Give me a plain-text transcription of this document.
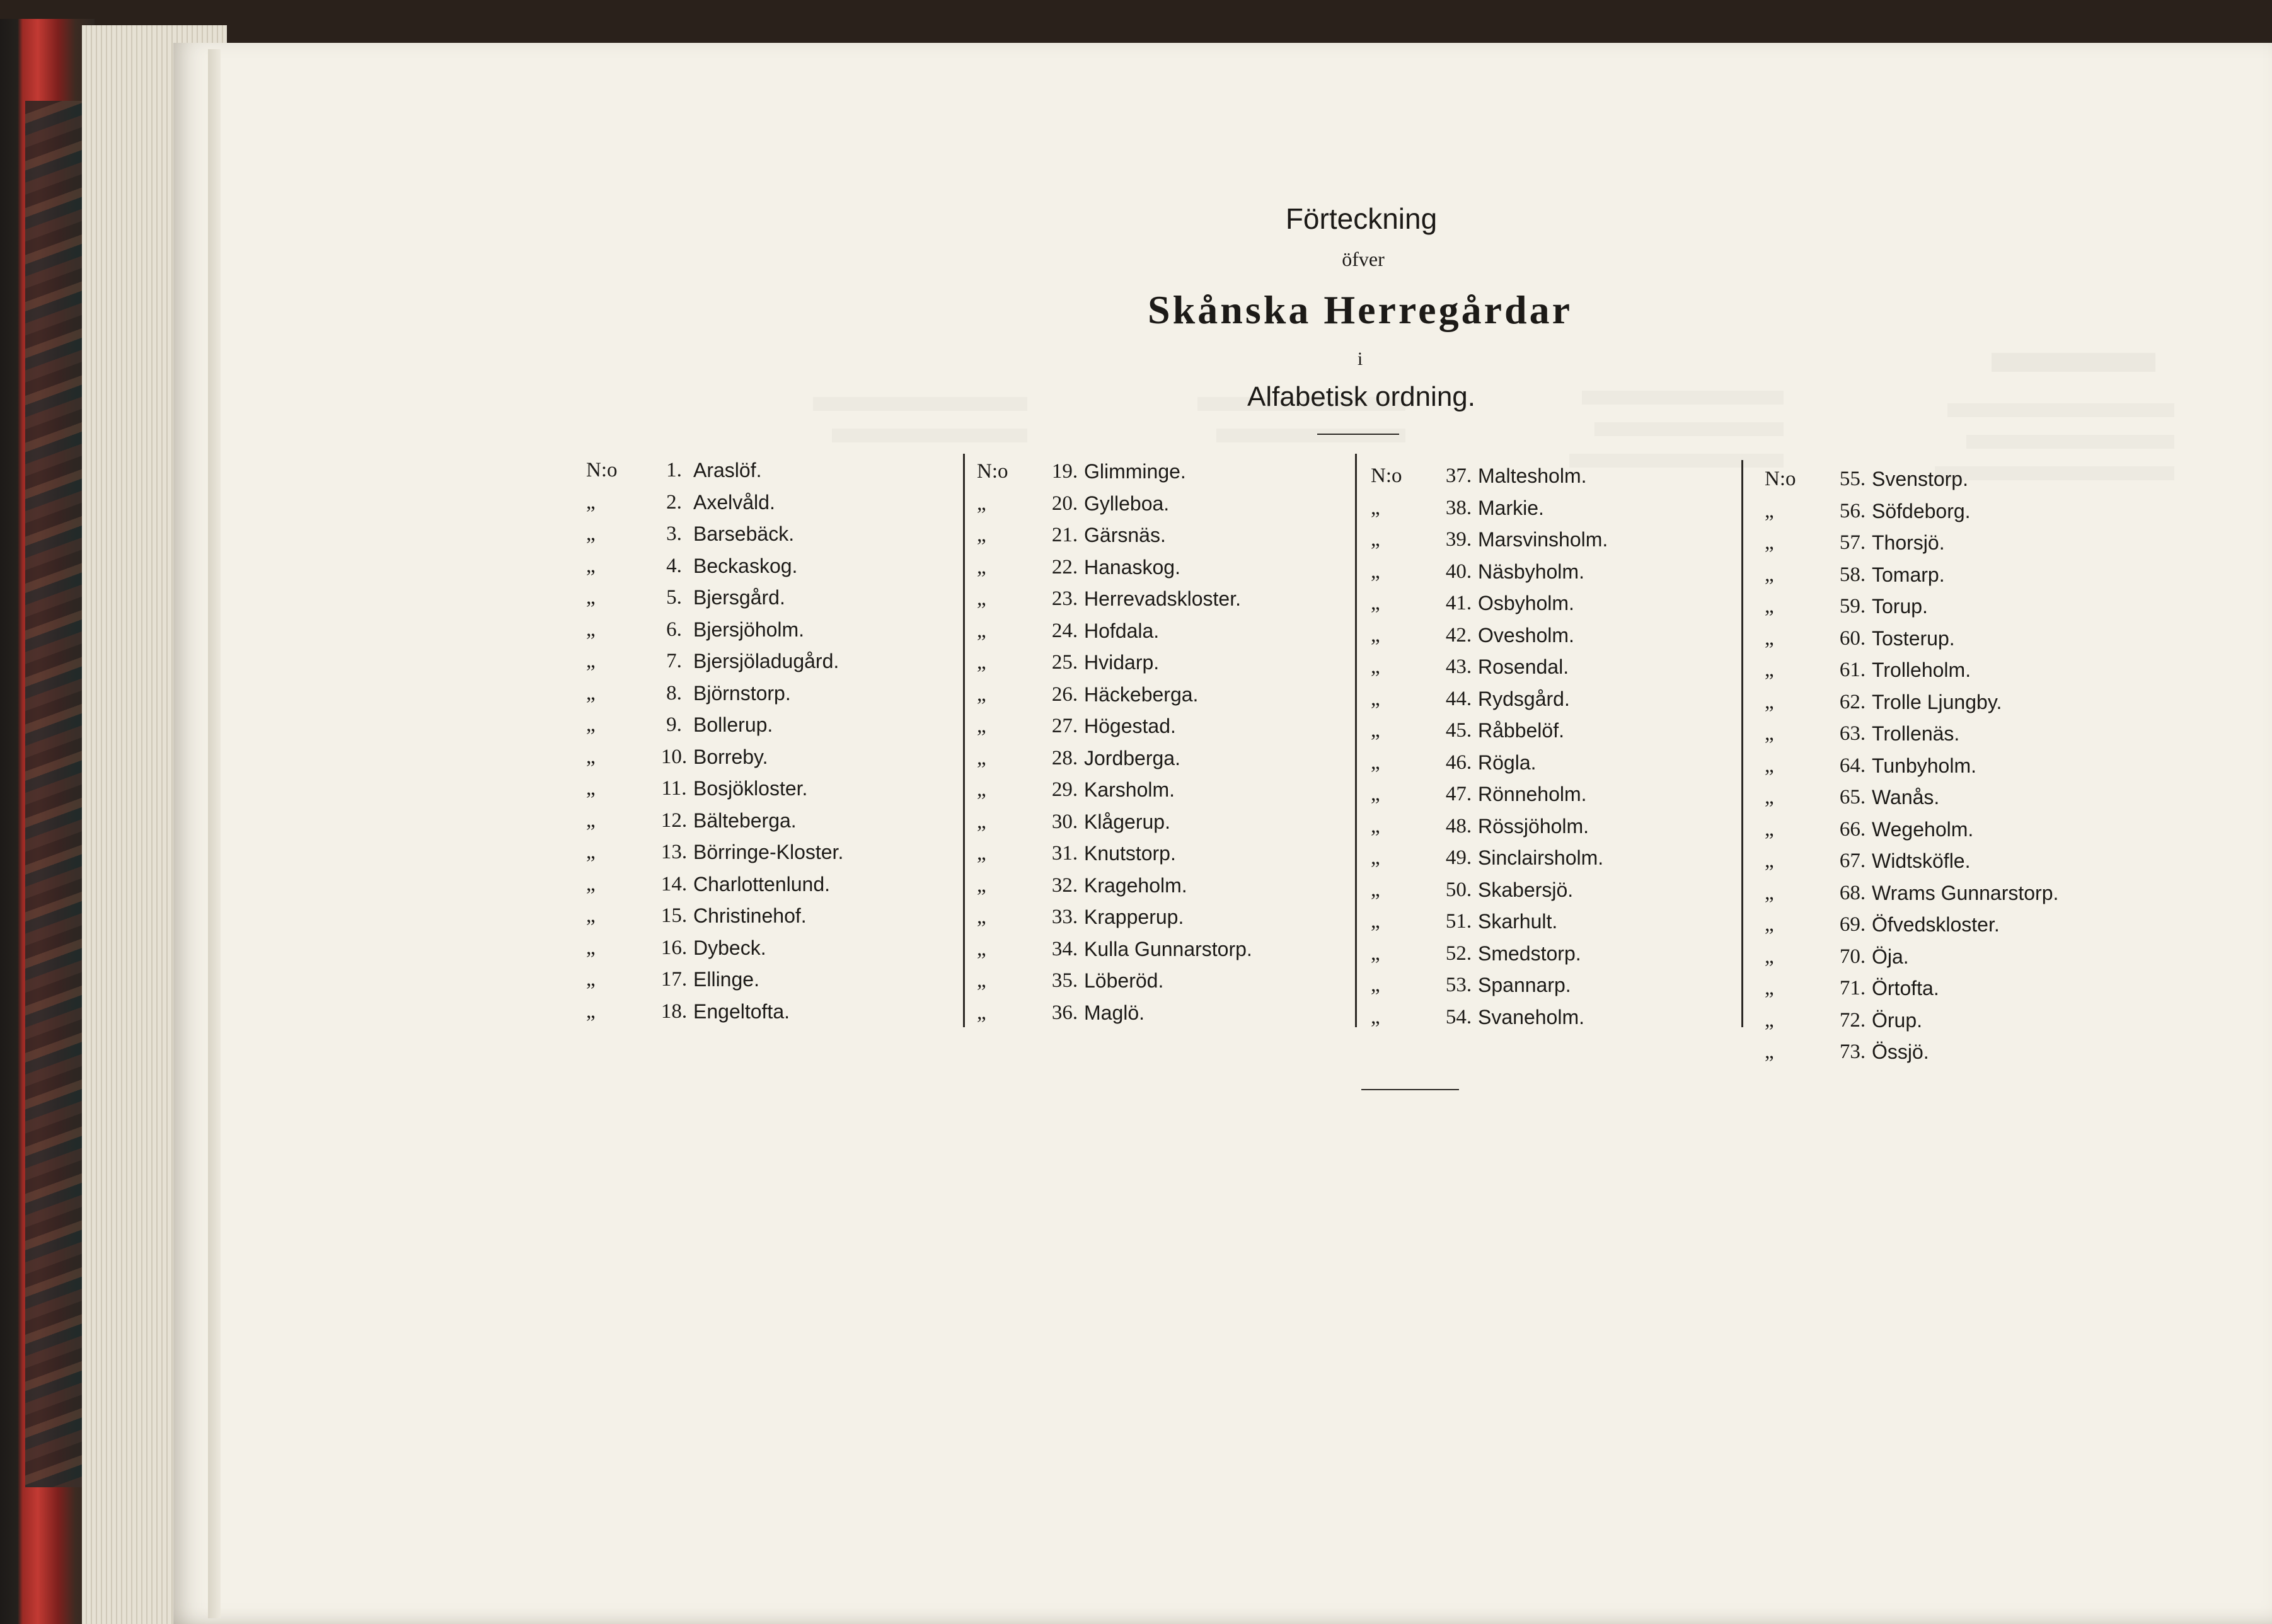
Förteckning
öfver
Skånska Herregårdar
i
Alfabetisk ordning.
N:o	1. Araslöf.
„	2. Axelvåld.
„	3. Barsebäck.
„	4. Beckaskog.
„	5. Bjersgård.
„	6. Bjersjöholm.
„	7. Bjersjöladugård.
„	8. Björnstorp.
„	9. Bollerup.
„	10. Borreby.
„	11. Bosjökloster.
„	12. Bälteberga.
„	13. Börringe-Kloster.
„	14. Charlottenlund.
„	15. Christinehof.
„	16. Dybeck.
„	17. Ellinge.
„	18. Engeltofta.
N:o	19. Glimminge.
„	20. Gylleboa.
„	21. Gärsnäs.
„	22. Hanaskog.
„	23. Herrevadskloster.
„	24. Hofdala.
„	25. Hvidarp.
„	26. Häckeberga.
„	27. Högestad.
„	28. Jordberga.
„	29. Karsholm.
„	30. Klågerup.
„	31. Knutstorp.
„	32. Krageholm.
„	33. Krapperup.
„	34. Kulla Gunnarstorp.
„	35. Löberöd.
„	36. Maglö.
N:o	37. Maltesholm.
„	38. Markie.
„	39. Marsvinsholm.
„	40. Näsbyholm.
„	41. Osbyholm.
„	42. Ovesholm.
„	43. Rosendal.
„	44. Rydsgård.
„	45. Råbbelöf.
„	46. Rögla.
„	47. Rönneholm.
„	48. Rössjöholm.
„	49. Sinclairsholm.
„	50. Skabersjö.
„	51. Skarhult.
„	52. Smedstorp.
„	53. Spannarp.
„	54. Svaneholm.
N:o	55. Svenstorp.
„	56. Söfdeborg.
„	57. Thorsjö.
„	58. Tomarp.
„	59. Torup.
„	60. Tosterup.
„	61. Trolleholm.
„	62. Trolle Ljungby.
„	63. Trollenäs.
„	64. Tunbyholm.
„	65. Wanås.
„	66. Wegeholm.
„	67. Widtsköfle.
„	68. Wrams Gunnarstorp.
„	69. Öfvedskloster.
„	70. Öja.
„	71. Örtofta.
„	72. Örup.
„	73. Össjö.
